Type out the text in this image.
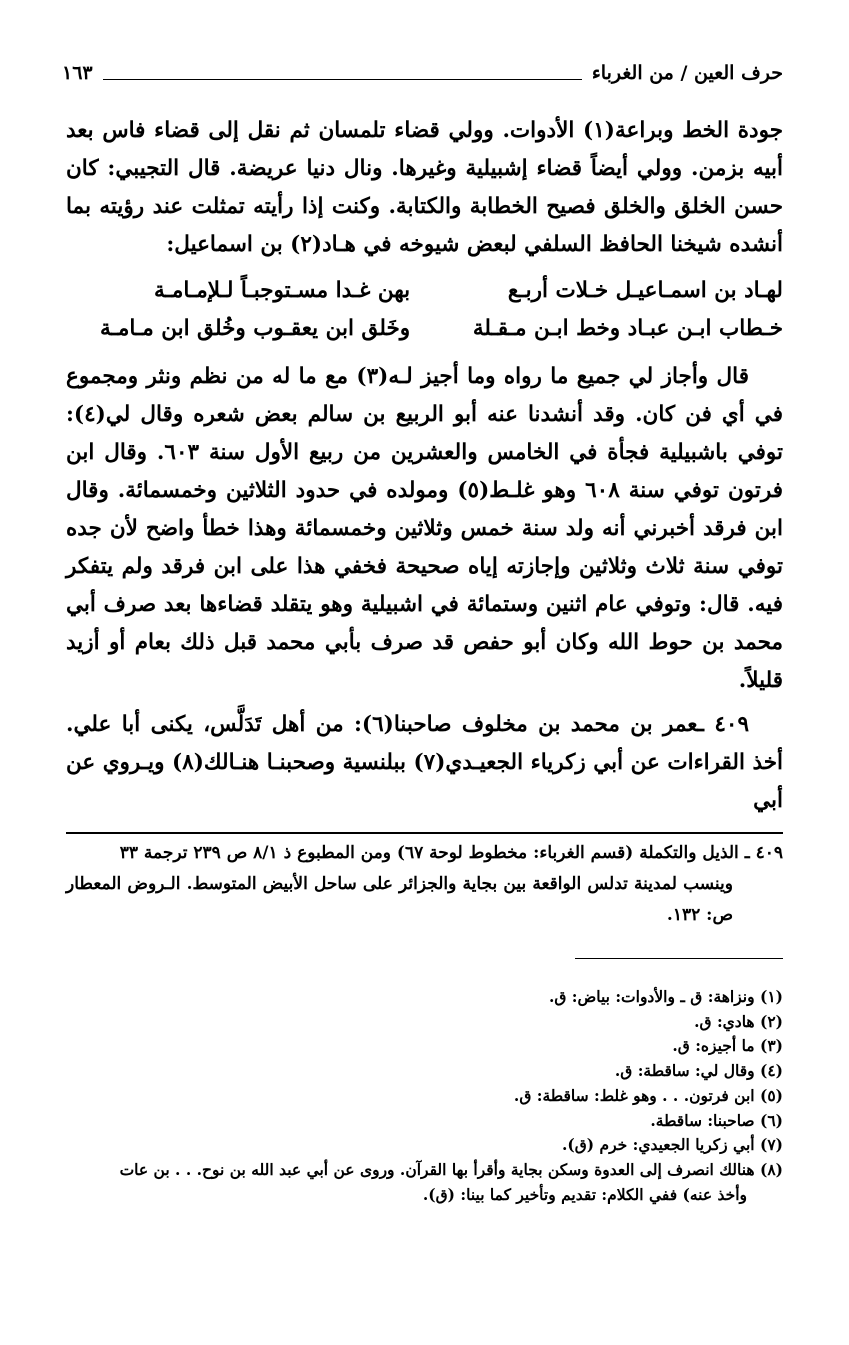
حرف العين / من الغرباء
١٦٣

جودة الخط وبراعة(١) الأدوات. وولي قضاء تلمسان ثم نقل إلى قضاء فاس بعد أبيه بزمن. وولي أيضاً قضاء إشبيلية وغيرها. ونال دنيا عريضة. قال التجيبي: كان حسن الخلق والخلق فصيح الخطابة والكتابة. وكنت إذا رأيته تمثلت عند رؤيته بما أنشده شيخنا الحافظ السلفي لبعض شيوخه في هـاد(٢) بن اسماعيل:

لهـاد بن اسمـاعيـل خـلات أربـع
بهن غـدا مسـتوجبـاً لـلإمـامـة
خـطاب ابـن عبـاد وخط ابـن مـقـلة
وخَلق ابن يعقـوب وخُلق ابن مـامـة

قال وأجاز لي جميع ما رواه وما أجيز لـه(٣) مع ما له من نظم ونثر ومجموع في أي فن كان. وقد أنشدنا عنه أبو الربيع بن سالم بعض شعره وقال لي(٤): توفي باشبيلية فجأة في الخامس والعشرين من ربيع الأول سنة ٦٠٣. وقال ابن فرتون توفي سنة ٦٠٨ وهو غلـط(٥) ومولده في حدود الثلاثين وخمسمائة. وقال ابن فرقد أخبرني أنه ولد سنة خمس وثلاثين وخمسمائة وهذا خطأ واضح لأن جده توفي سنة ثلاث وثلاثين وإجازته إياه صحيحة فخفي هذا على ابن فرقد ولم يتفكر فيه. قال: وتوفي عام اثنين وستمائة في اشبيلية وهو يتقلد قضاءها بعد صرف أبي محمد بن حوط الله وكان أبو حفص قد صرف بأبي محمد قبل ذلك بعام أو أزيد قليلاً.

٤٠٩ ـعمر بن محمد بن مخلوف صاحبنا(٦): من أهل تَدَلَّس، يكنى أبا علي. أخذ القراءات عن أبي زكرياء الجعيـدي(٧) ببلنسية وصحبنـا هنـالك(٨) ويـروي عن أبي

٤٠٩ ـ الذيل والتكملة (قسم الغرباء: مخطوط لوحة ٦٧) ومن المطبوع ذ ٨/١ ص ٢٣٩ ترجمة ٣٣
وينسب لمدينة تدلس الواقعة بين بجاية والجزائر على ساحل الأبيض المتوسط. الـروض المعطار ص: ١٣٢.
(١) ونزاهة: ق ـ والأدوات: بياض: ق.
(٢) هادي: ق.
(٣) ما أجيزه: ق.
(٤) وقال لي: ساقطة: ق.
(٥) ابن فرتون. . . وهو غلط: ساقطة: ق.
(٦) صاحبنا: ساقطة.
(٧) أبي زكريا الجعيدي: خرم (ق).
(٨) هنالك انصرف إلى العدوة وسكن بجاية وأقرأ بها القرآن. وروى عن أبي عبد الله بن نوح. . . بن عات
وأخذ عنه) ففي الكلام: تقديم وتأخير كما بينا: (ق).
